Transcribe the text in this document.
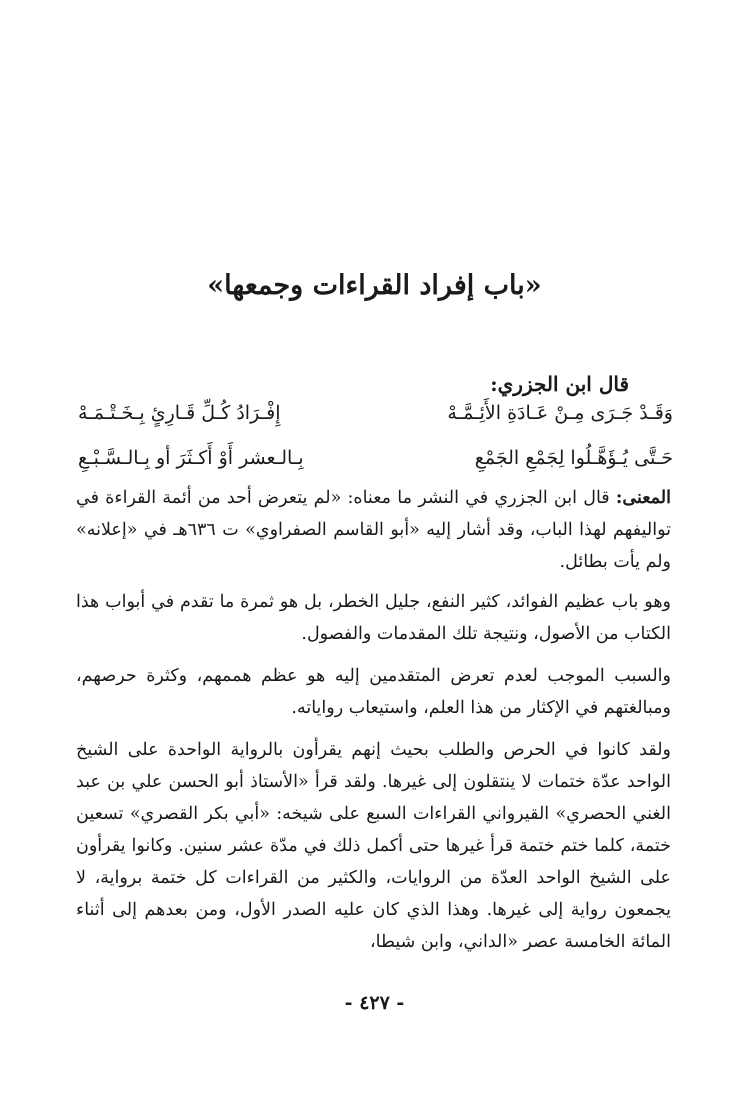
«باب إفراد القراءات وجمعها»
قال ابن الجزري:
وَقَـدْ جَـرَى مِـنْ عَـادَةِ الأَئِـمَّـهْ
إِفْـرَادُ كُـلِّ قَـارِئٍ بِـخَـتْـمَـهْ
حَـتَّى يُـؤَهَّـلُوا لِجَمْعِ الجَمْعِ
بِـالـعشر أَوْ أَكـثَرَ أو بِـالـسَّـبْـعِ
المعنى: قال ابن الجزري في النشر ما معناه: «لم يتعرض أحد من أئمة القراءة في تواليفهم لهذا الباب، وقد أشار إليه «أبو القاسم الصفراوي» ت ٦٣٦هـ في «إعلانه» ولم يأت بطائل.
وهو باب عظيم الفوائد، كثير النفع، جليل الخطر، بل هو ثمرة ما تقدم في أبواب هذا الكتاب من الأصول، ونتيجة تلك المقدمات والفصول.
والسبب الموجب لعدم تعرض المتقدمين إليه هو عظم هممهم، وكثرة حرصهم، ومبالغتهم في الإكثار من هذا العلم، واستيعاب رواياته.
ولقد كانوا في الحرص والطلب بحيث إنهم يقرأون بالرواية الواحدة على الشيخ الواحد عدّة ختمات لا ينتقلون إلى غيرها. ولقد قرأ «الأستاذ أبو الحسن علي بن عبد الغني الحصري» القيرواني القراءات السبع على شيخه: «أبي بكر القصري» تسعين ختمة، كلما ختم ختمة قرأ غيرها حتى أكمل ذلك في مدّة عشر سنين. وكانوا يقرأون على الشيخ الواحد العدّة من الروايات، والكثير من القراءات كل ختمة برواية، لا يجمعون رواية إلى غيرها. وهذا الذي كان عليه الصدر الأول، ومن بعدهم إلى أثناء المائة الخامسة عصر «الداني، وابن شيطا،
- ٤٢٧ -
